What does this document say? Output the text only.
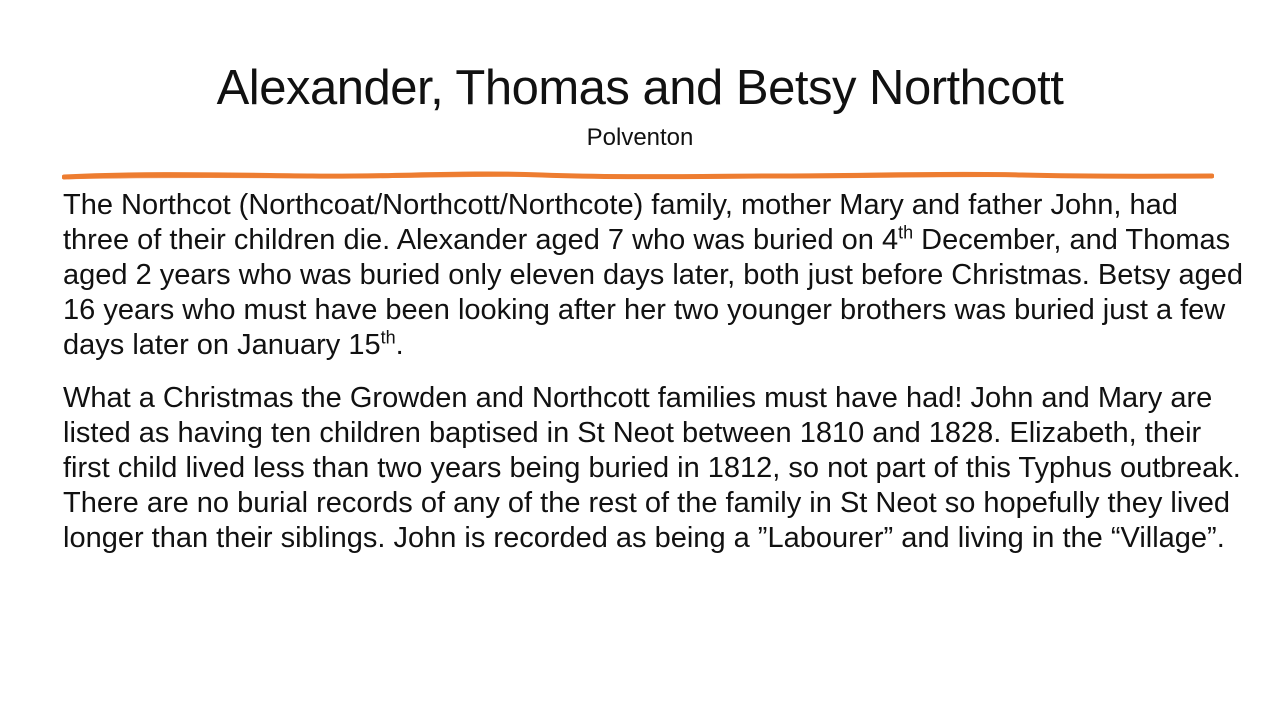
Alexander, Thomas and Betsy Northcott
Polventon

The Northcot (Northcoat/Northcott/Northcote) family, mother Mary and father John, had three of their children die. Alexander aged 7 who was buried on 4th December, and Thomas aged 2 years who was buried only eleven days later, both just before Christmas. Betsy aged 16 years who must have been looking after her two younger brothers was buried just a few days later on January 15th.

What a Christmas the Growden and Northcott families must have had! John and Mary are listed as having ten children baptised in St Neot between 1810 and 1828. Elizabeth, their first child lived less than two years being buried in 1812, so not part of this Typhus outbreak. There are no burial records of any of the rest of the family in St Neot so hopefully they lived longer than their siblings. John is recorded as being a ”Labourer” and living in the “Village”.
